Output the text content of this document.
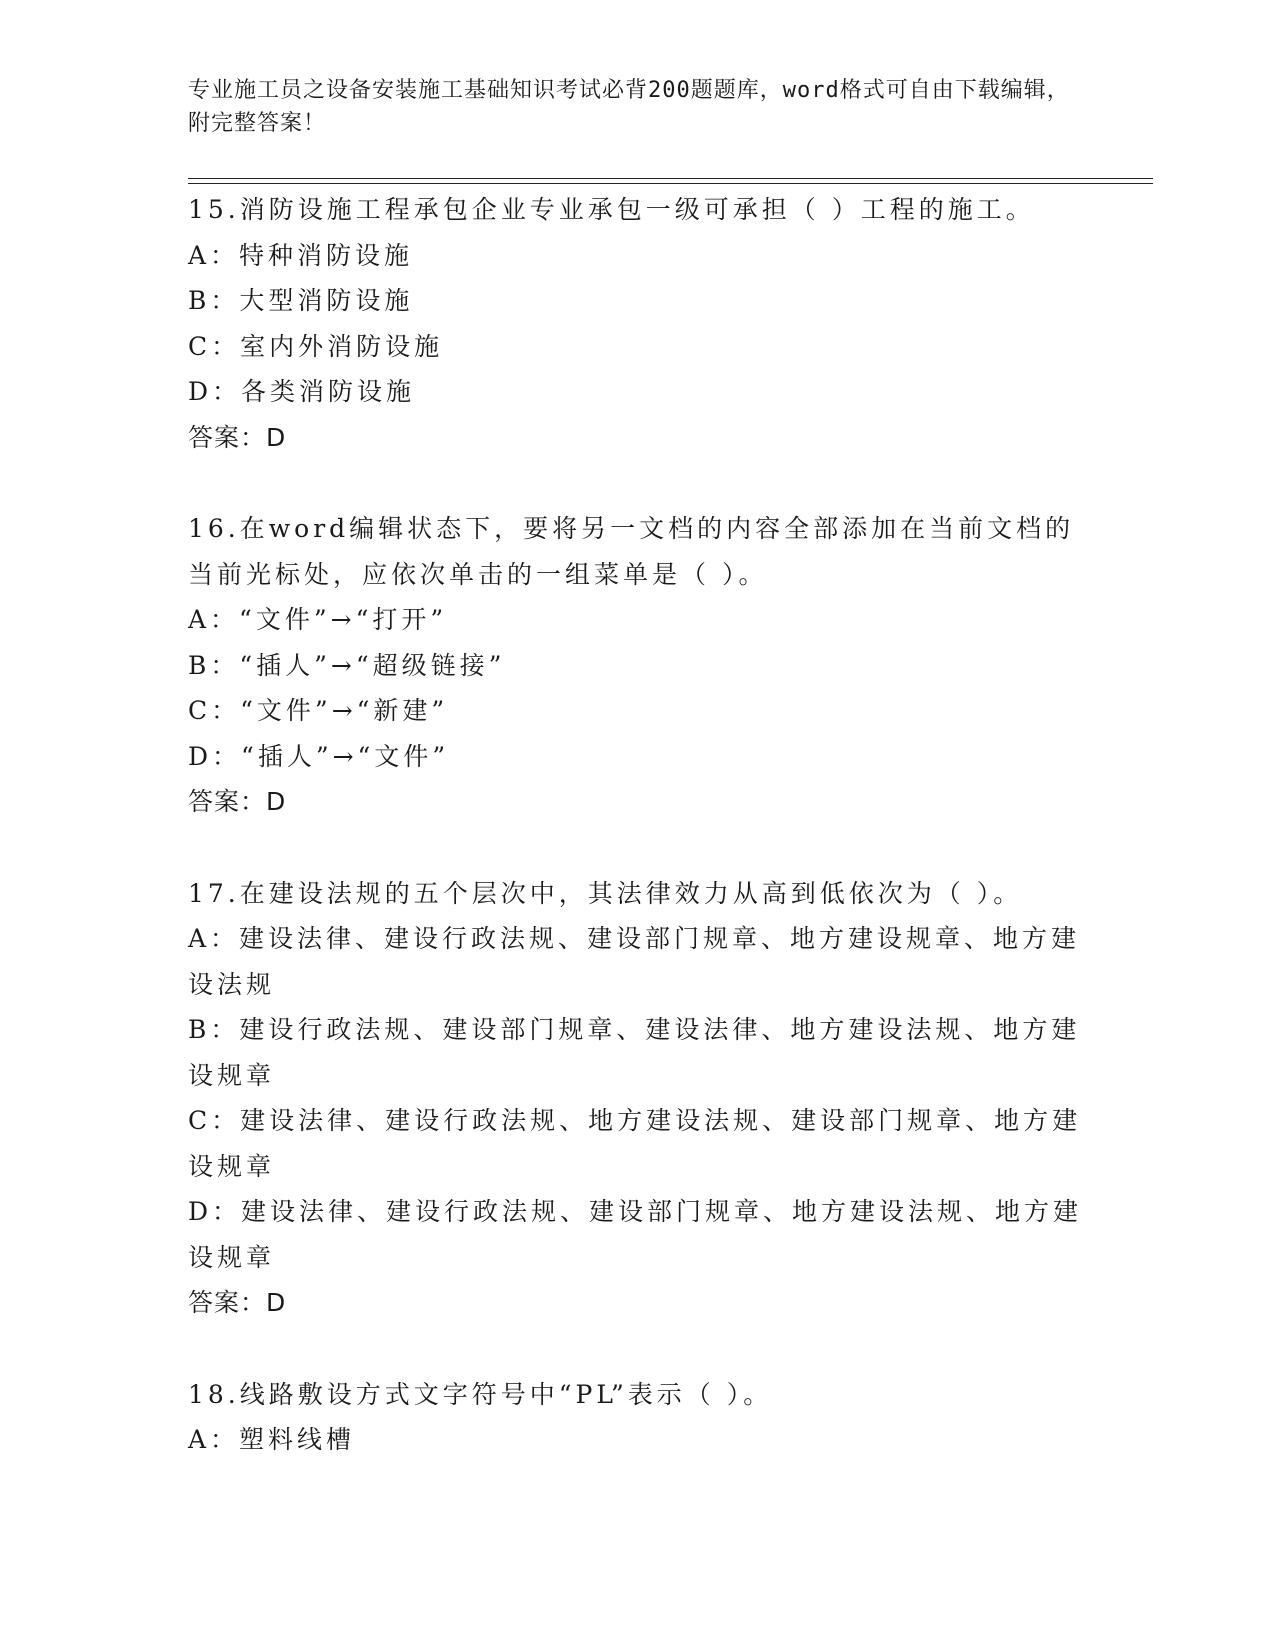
专业施工员之设备安装施工基础知识考试必背200题题库，word格式可自由下载编辑，附完整答案！
15.消防设施工程承包企业专业承包一级可承担（ ）工程的施工。
A：特种消防设施
B：大型消防设施
C：室内外消防设施
D：各类消防设施
答案：D
16.在word编辑状态下，要将另一文档的内容全部添加在当前文档的当前光标处，应依次单击的一组菜单是（ ）。
A：“文件”→“打开”
B：“插人”→“超级链接”
C：“文件”→“新建”
D：“插人”→“文件”
答案：D
17.在建设法规的五个层次中，其法律效力从高到低依次为（ ）。
A：建设法律、建设行政法规、建设部门规章、地方建设规章、地方建设法规
B：建设行政法规、建设部门规章、建设法律、地方建设法规、地方建设规章
C：建设法律、建设行政法规、地方建设法规、建设部门规章、地方建设规章
D：建设法律、建设行政法规、建设部门规章、地方建设法规、地方建设规章
答案：D
18.线路敷设方式文字符号中“PL”表示（ ）。
A：塑料线槽
